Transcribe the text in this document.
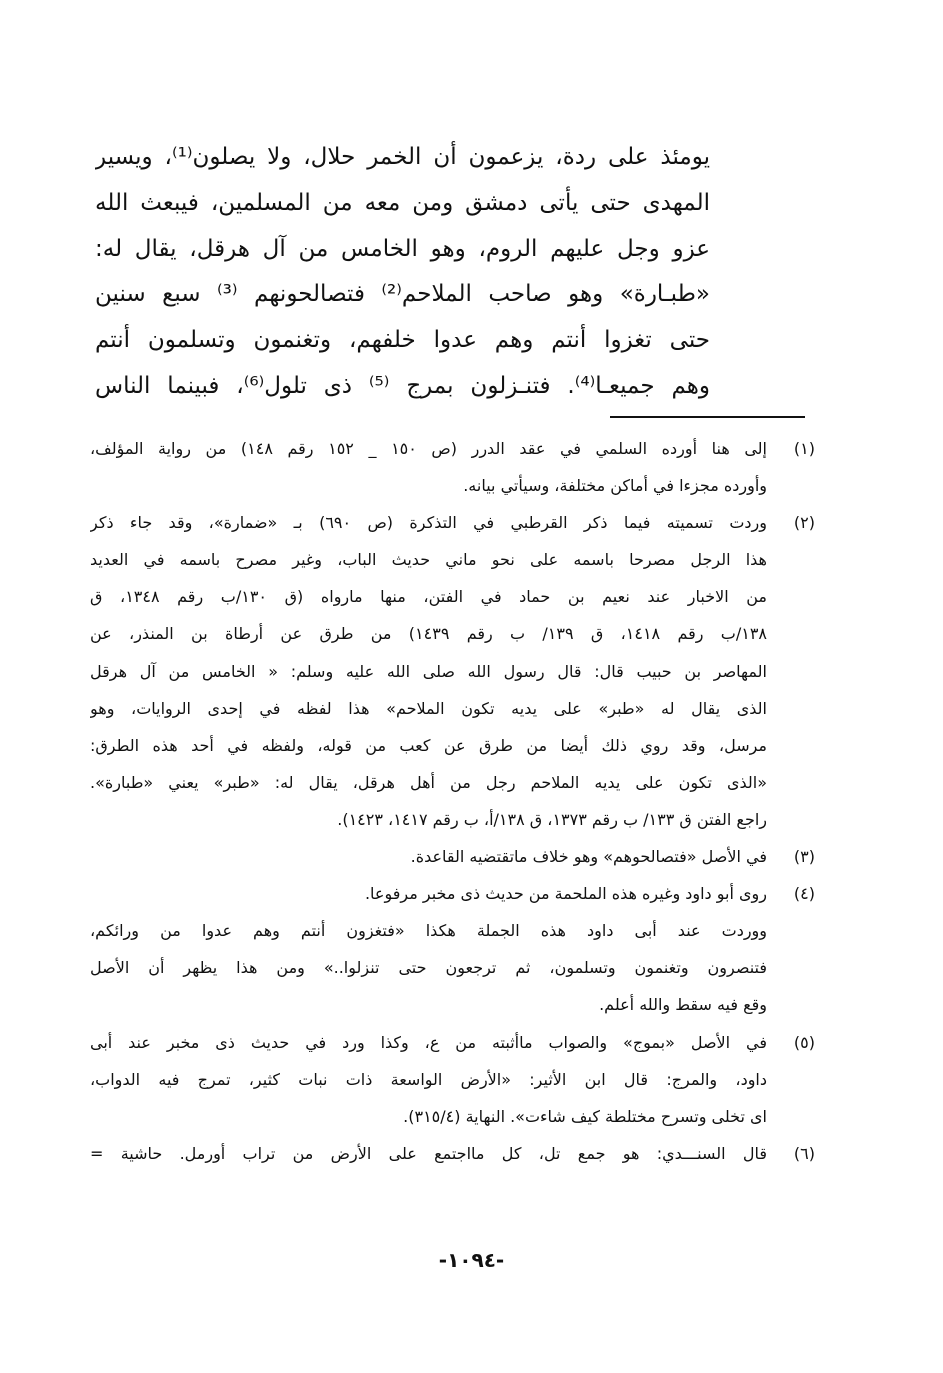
يومئذ على ردة، يزعمون أن الخمر حلال، ولا يصلون⁽¹⁾، ويسير
المهدى حتى يأتى دمشق ومن معه من المسلمين، فيبعث الله
عزو وجل عليهم الروم، وهو الخامس من آل هرقل، يقال له:
«طبـارة» وهو صاحب الملاحم⁽²⁾ فتصالحونهم ⁽³⁾ سبع سنين
حتى تغزوا أنتم وهم عدوا خلفهم، وتغنمون وتسلمون أنتم
وهم جميعـا⁽⁴⁾. فتنـزلون بمرج ⁽⁵⁾ ذى تلول⁽⁶⁾، فبينما الناس
(١)إلى هنا أورده السلمي في عقد الدرر (ص ١٥٠ _ ١٥٢ رقم ١٤٨) من رواية المؤلف،
وأورده مجزءا في أماكن مختلفة، وسيأتي بيانه.
(٢)وردت تسميته فيما ذكر القرطبي في التذكرة (ص ٦٩٠) بـ «ضمارة»، وقد جاء ذكر
هذا الرجل مصرحا باسمه على نحو ماني حديث الباب، وغير مصرح باسمه في العديد
من الاخبار عند نعيم بن حماد في الفتن، منها مارواه (ق ١٣٠/ب رقم ١٣٤٨، ق
١٣٨/ب رقم ١٤١٨، ق ١٣٩/ ب رقم ١٤٣٩) من طرق عن أرطاة بن المنذر، عن
المهاصر بن حبيب قال: قال رسول الله صلى الله عليه وسلم: « الخامس من آل هرقل
الذى يقال له «طبر» على يديه تكون الملاحم» هذا لفظه في إحدى الروايات، وهو
مرسل، وقد روي ذلك أيضا من طرق عن كعب من قوله، ولفظه في أحد هذه الطرق:
«الذى تكون على يديه الملاحم رجل من أهل هرقل، يقال له: «طبر» يعني «طبارة».
راجع الفتن ق ١٣٣/ ب رقم ١٣٧٣، ق ١٣٨/أ، ب رقم ١٤١٧، ١٤٢٣).
(٣)في الأصل «فتصالحوهم» وهو خلاف ماتقتضيه القاعدة.
(٤)روى أبو داود وغيره هذه الملحمة من حديث ذى مخبر مرفوعا.
ووردت عند أبى داود هذه الجملة هكذا «فتغزون أنتم وهم عدوا من ورائكم،
فتنصرون وتغنمون وتسلمون، ثم ترجعون حتى تنزلوا..» ومن هذا يظهر أن الأصل
وقع فيه سقط والله أعلم.
(٥)في الأصل «بموج» والصواب ماأثبته من ع، وكذا ورد في حديث ذى مخبر عند أبى
داود، والمرج: قال ابن الأثير: «الأرض الواسعة ذات نبات كثير، تمرج فيه الدواب،
اى تخلى وتسرح مختلطة كيف شاءت». النهاية (٣١٥/٤).
(٦)قال السنـــدي: هو جمع تل، كل مااجتمع على الأرض من تراب أورمل. حاشية =
-١٠٩٤-
